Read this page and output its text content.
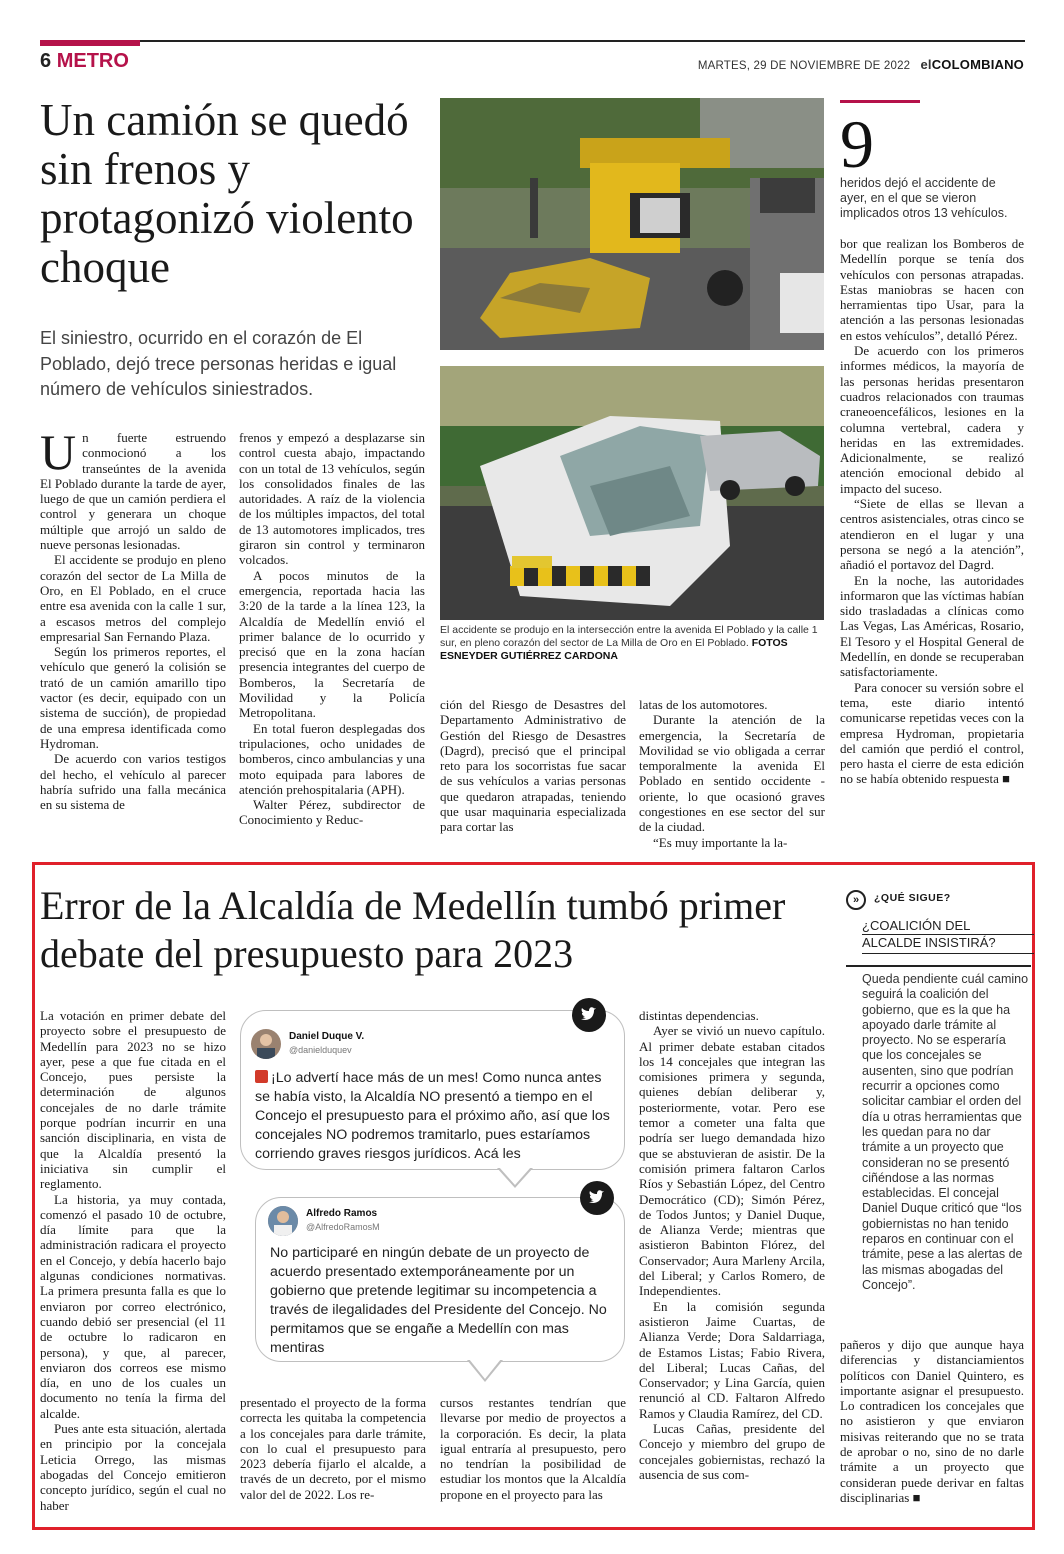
6 METRO	MARTES, 29 DE NOVIEMBRE DE 2022 elCOLOMBIANO
Un camión se quedó sin frenos y protagonizó violento choque
El siniestro, ocurrido en el corazón de El Poblado, dejó trece personas heridas e igual número de vehículos siniestrados.

Un fuerte estruendo conmocionó a los transeúntes de la avenida El Poblado durante la tarde de ayer, luego de que un camión perdiera el control y generara un choque múltiple que arrojó un saldo de nueve personas lesionadas.

El accidente se produjo en pleno corazón del sector de La Milla de Oro, en El Poblado, en el cruce entre esa avenida con la calle 1 sur, a escasos metros del complejo empresarial San Fernando Plaza.

Según los primeros reportes, el vehículo que generó la colisión se trató de un camión amarillo tipo vactor (es decir, equipado con un sistema de succión), de propiedad de una empresa identificada como Hydroman.

De acuerdo con varios testigos del hecho, el vehículo al parecer habría sufrido una falla mecánica en su sistema de

frenos y empezó a desplazarse sin control cuesta abajo, impactando con un total de 13 vehículos, según los consolidados finales de las autoridades. A raíz de la violencia de los múltiples impactos, del total de 13 automotores implicados, tres giraron sin control y terminaron volcados.

A pocos minutos de la emergencia, reportada hacia las 3:20 de la tarde a la línea 123, la Alcaldía de Medellín envió el primer balance de lo ocurrido y precisó que en la zona hacían presencia integrantes del cuerpo de Bomberos, la Secretaría de Movilidad y la Policía Metropolitana.

En total fueron desplegadas dos tripulaciones, ocho unidades de bomberos, cinco ambulancias y una moto equipada para labores de atención prehospitalaria (APH).

Walter Pérez, subdirector de Conocimiento y Reduc-

El accidente se produjo en la intersección entre la avenida El Poblado y la calle 1 sur, en pleno corazón del sector de La Milla de Oro en El Poblado. FOTOS ESNEYDER GUTIÉRREZ CARDONA

ción del Riesgo de Desastres del Departamento Administrativo de Gestión del Riesgo de Desastres (Dagrd), precisó que el principal reto para los socorristas fue sacar de sus vehículos a varias personas que quedaron atrapadas, teniendo que usar maquinaria especializada para cortar las

latas de los automotores.

Durante la atención de la emergencia, la Secretaría de Movilidad se vio obligada a cerrar temporalmente la avenida El Poblado en sentido occidente - oriente, lo que ocasionó graves congestiones en ese sector del sur de la ciudad.

“Es muy importante la la-

9
heridos dejó el accidente de ayer, en el que se vieron implicados otros 13 vehículos.

bor que realizan los Bomberos de Medellín porque se tenía dos vehículos con personas atrapadas. Estas maniobras se hacen con herramientas tipo Usar, para la atención a las personas lesionadas en estos vehículos”, detalló Pérez.

De acuerdo con los primeros informes médicos, la mayoría de las personas heridas presentaron cuadros relacionados con traumas craneoencefálicos, lesiones en la columna vertebral, cadera y heridas en las extremidades. Adicionalmente, se realizó atención emocional debido al impacto del suceso.

“Siete de ellas se llevan a centros asistenciales, otras cinco se atendieron en el lugar y una persona se negó a la atención”, añadió el portavoz del Dagrd.

En la noche, las autoridades informaron que las víctimas habían sido trasladadas a clínicas como Las Vegas, Las Américas, Rosario, El Tesoro y el Hospital General de Medellín, en donde se recuperaban satisfactoriamente.

Para conocer su versión sobre el tema, este diario intentó comunicarse repetidas veces con la empresa Hydroman, propietaria del camión que perdió el control, pero hasta el cierre de esta edición no se había obtenido respuesta ■

Error de la Alcaldía de Medellín tumbó primer debate del presupuesto para 2023

La votación en primer debate del proyecto sobre el presupuesto de Medellín para 2023 no se hizo ayer, pese a que fue citada en el Concejo, pues persiste la determinación de algunos concejales de no darle trámite porque podrían incurrir en una sanción disciplinaria, en vista de que la Alcaldía presentó la iniciativa sin cumplir el reglamento.

La historia, ya muy contada, comenzó el pasado 10 de octubre, día límite para que la administración radicara el proyecto en el Concejo, y debía hacerlo bajo algunas condiciones normativas. La primera presunta falla es que lo enviaron por correo electrónico, cuando debió ser presencial (el 11 de octubre lo radicaron en persona), y que, al parecer, enviaron dos correos ese mismo día, en uno de los cuales un documento no tenía la firma del alcalde.

Pues ante esta situación, alertada en principio por la concejala Leticia Orrego, las mismas abogadas del Concejo emitieron concepto jurídico, según el cual no haber

Daniel Duque V.
@danielduquev
¡Lo advertí hace más de un mes! Como nunca antes se había visto, la Alcaldía NO presentó a tiempo en el Concejo el presupuesto para el próximo año, así que los concejales NO podremos tramitarlo, pues estaríamos corriendo graves riesgos jurídicos. Acá les
Alfredo Ramos
@AlfredoRamosM
No participaré en ningún debate de un proyecto de acuerdo presentado extemporáneamente por un gobierno que pretende legitimar su incompetencia a través de ilegalidades del Presidente del Concejo. No permitamos que se engañe a Medellín con mas mentiras

presentado el proyecto de la forma correcta les quitaba la competencia a los concejales para darle trámite, con lo cual el presupuesto para 2023 debería fijarlo el alcalde, a través de un decreto, por el mismo valor del de 2022. Los re-

cursos restantes tendrían que llevarse por medio de proyectos a la corporación. Es decir, la plata igual entraría al presupuesto, pero no tendrían la posibilidad de estudiar los montos que la Alcaldía propone en el proyecto para las

distintas dependencias.

Ayer se vivió un nuevo capítulo. Al primer debate estaban citados los 14 concejales que integran las comisiones primera y segunda, quienes debían deliberar y, posteriormente, votar. Pero ese temor a cometer una falta que podría ser luego demandada hizo que se abstuvieran de asistir. De la comisión primera faltaron Carlos Ríos y Sebastián López, del Centro Democrático (CD); Simón Pérez, de Todos Juntos; y Daniel Duque, de Alianza Verde; mientras que asistieron Babinton Flórez, del Conservador; Aura Marleny Arcila, del Liberal; y Carlos Romero, de Independientes.

En la comisión segunda asistieron Jaime Cuartas, de Alianza Verde; Dora Saldarriaga, de Estamos Listas; Fabio Rivera, del Liberal; Lucas Cañas, del Conservador; y Lina García, quien renunció al CD. Faltaron Alfredo Ramos y Claudia Ramírez, del CD.

Lucas Cañas, presidente del Concejo y miembro del grupo de concejales gobiernistas, rechazó la ausencia de sus com-

»	¿QUÉ SIGUE?
¿COALICIÓN DEL
ALCALDE INSISTIRÁ?
Queda pendiente cuál camino seguirá la coalición del gobierno, que es la que ha apoyado darle trámite al proyecto. No se esperaría que los concejales se ausenten, sino que podrían recurrir a opciones como solicitar cambiar el orden del día u otras herramientas que les quedan para no dar trámite a un proyecto que consideran no se presentó ciñéndose a las normas establecidas. El concejal Daniel Duque criticó que “los gobiernistas no han tenido reparos en continuar con el trámite, pese a las alertas de las mismas abogadas del Concejo”.

pañeros y dijo que aunque haya diferencias y distanciamientos políticos con Daniel Quintero, es importante asignar el presupuesto. Lo contradicen los concejales que no asistieron y que enviaron misivas reiterando que no se trata de aprobar o no, sino de no darle trámite a un proyecto que consideran puede derivar en faltas disciplinarias ■
